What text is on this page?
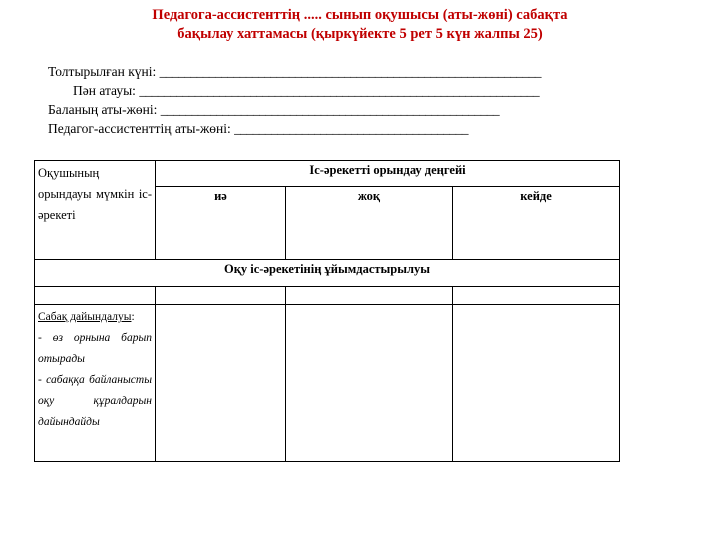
Педагога-ассистенттің ..... сынып оқушысы (аты-жөні) сабақта
бақылау хаттамасы (қыркүйекте 5 рет 5 күн жалпы 25)
Толтырылған күні: ______________________________________________________________
Пән атауы: _________________________________________________________________
Баланың аты-жөні: _______________________________________________________
Педагог-ассистенттің аты-жөні: ______________________________________
Оқушының орындауы мүмкін іс-әрекеті	Іс-әрекетті орындау деңгейі		
	иә	жоқ	кейде
Оқу іс-әрекетінің ұйымдастырылуы			

Сабақ дайындалуы:
- өз орнына барып отырады
- сабаққа байланысты оқу құралдарын дайындайды			
